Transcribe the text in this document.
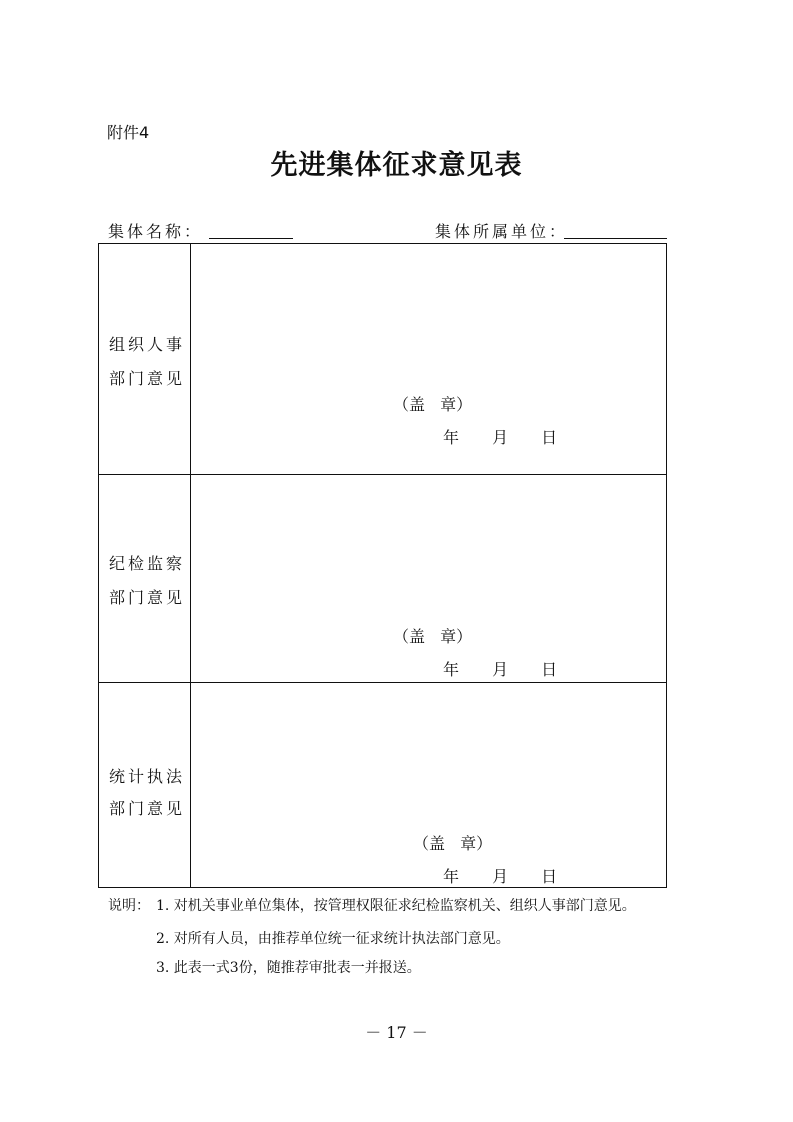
附件4
先进集体征求意见表
集体名称：	集体所属单位：
组织人事
部门意见
（盖 章）
年 月 日
纪检监察
部门意见
（盖 章）
年 月 日
统计执法
部门意见
（盖 章）
年 月 日
说明： 1. 对机关事业单位集体，按管理权限征求纪检监察机关、组织人事部门意见。
2. 对所有人员，由推荐单位统一征求统计执法部门意见。
3. 此表一式3份，随推荐审批表一并报送。
－ 17 －
